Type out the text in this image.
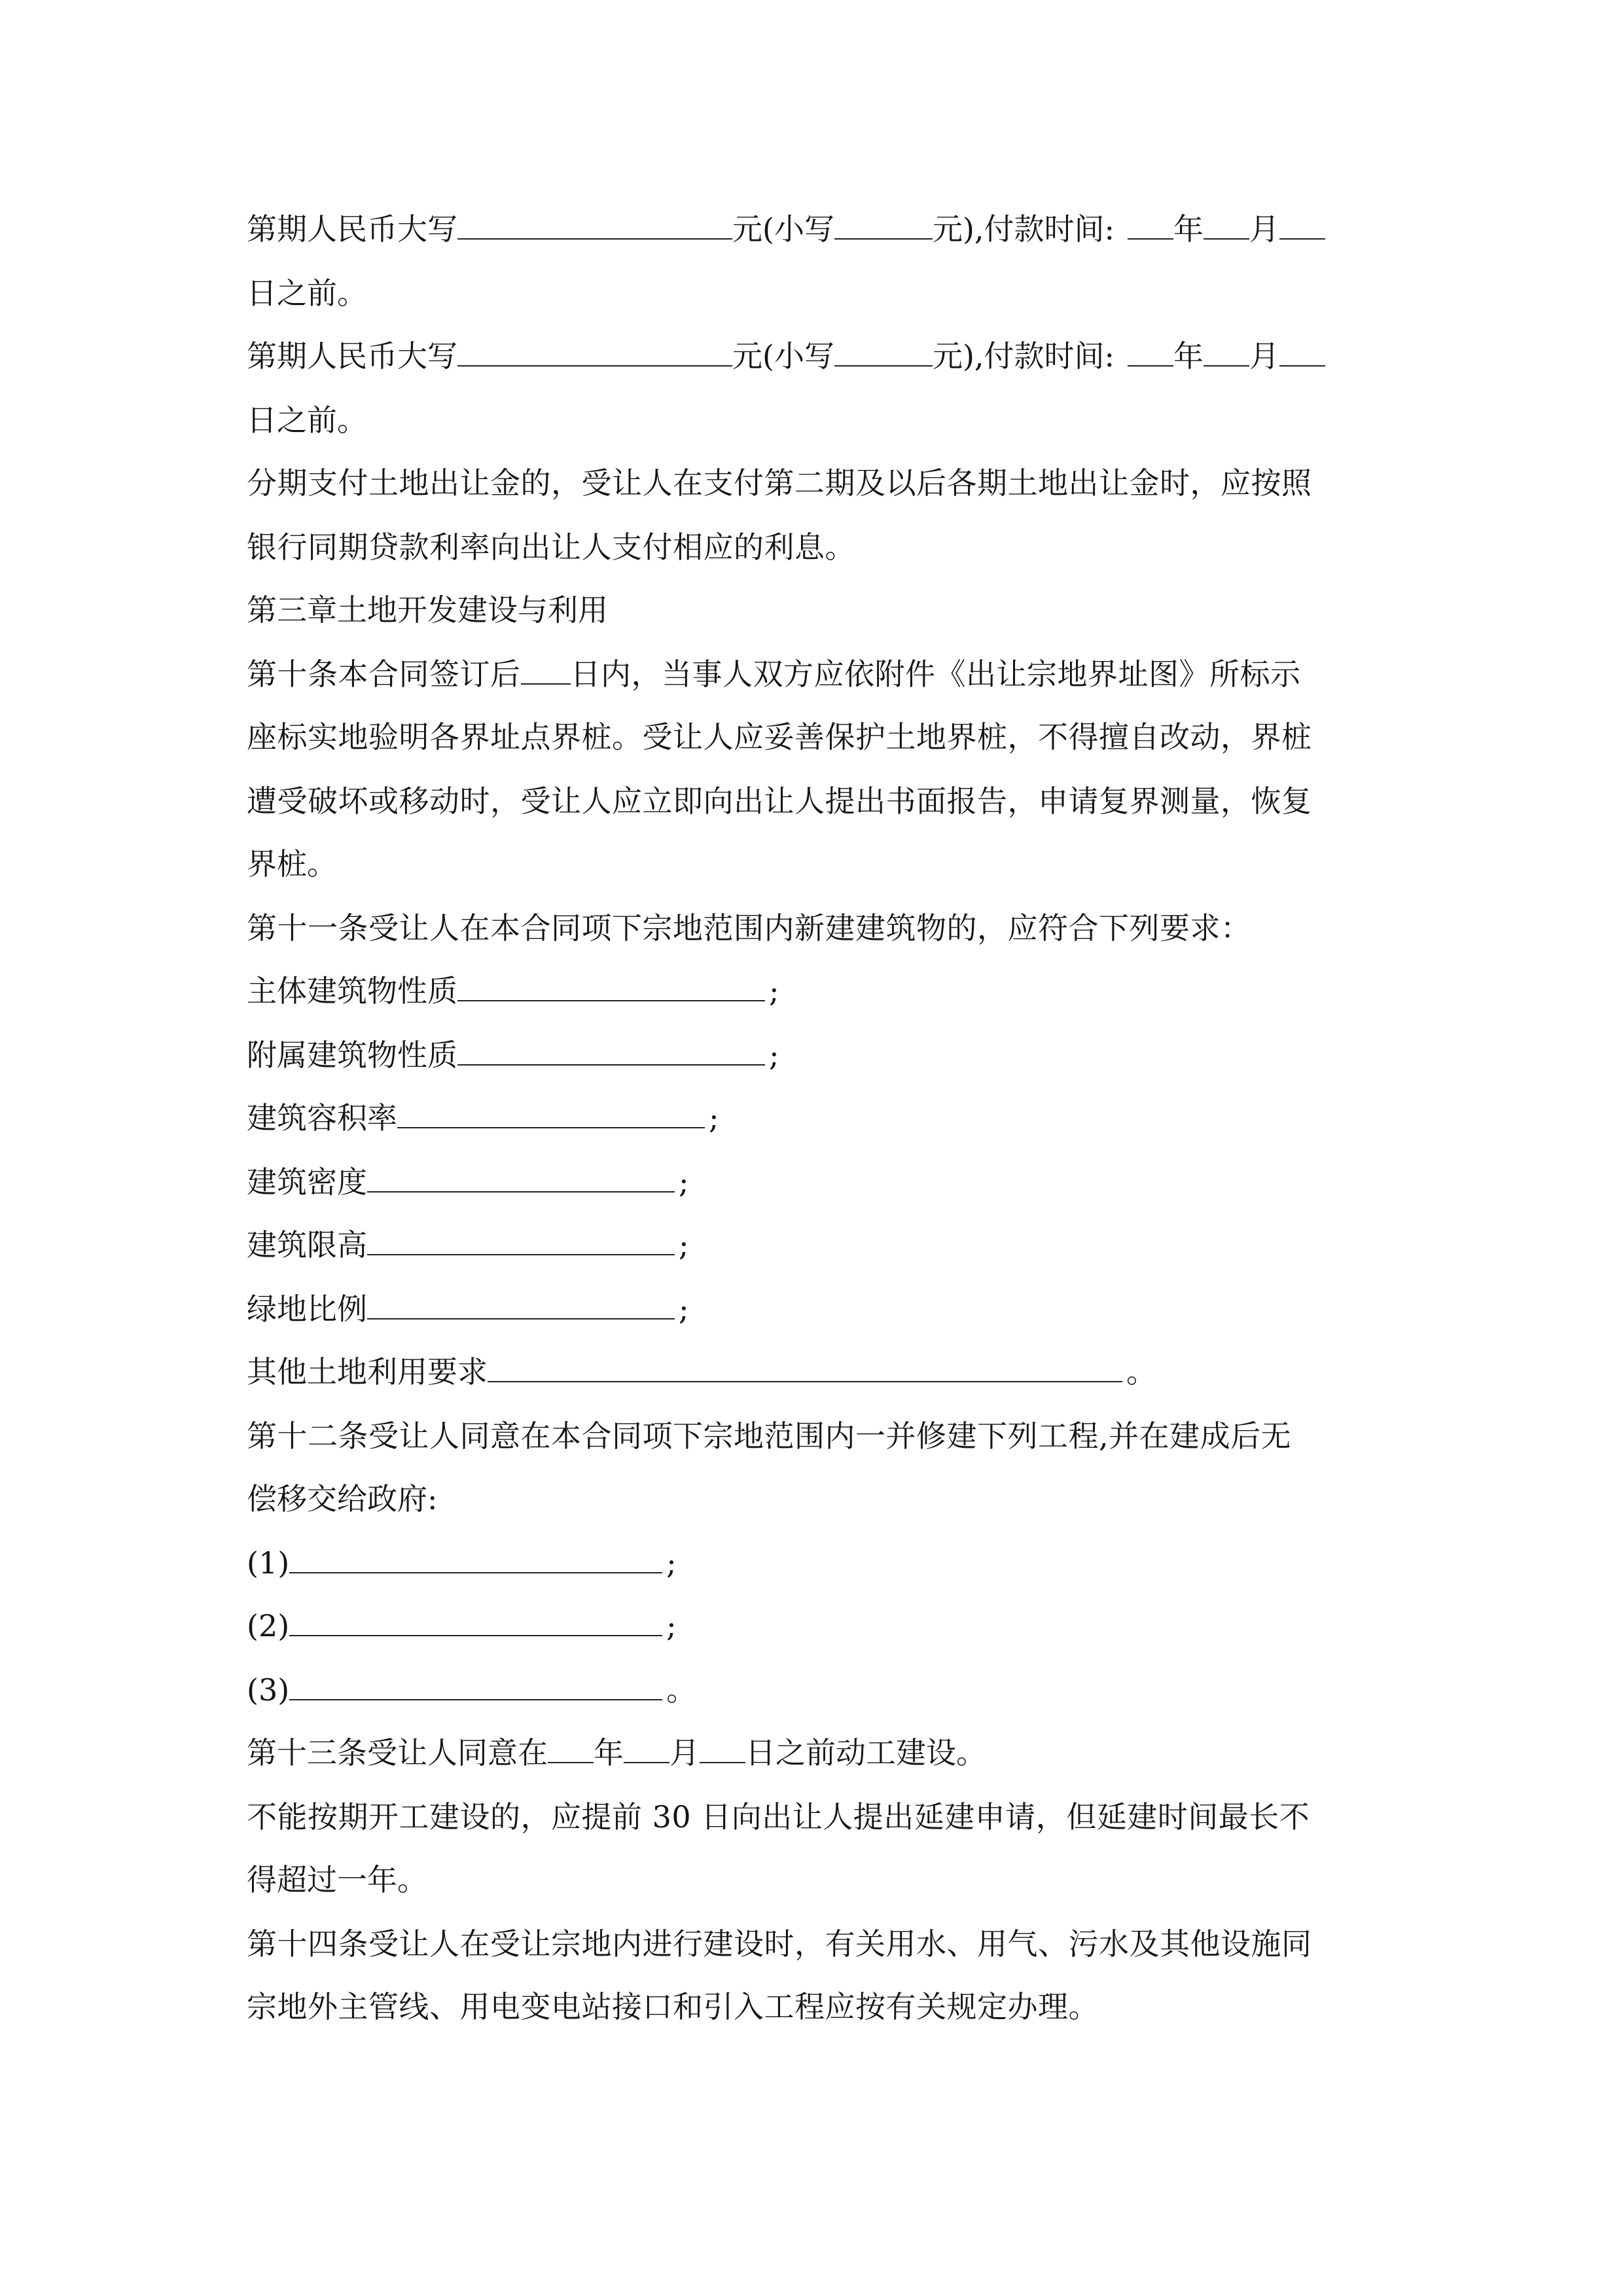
第期人民币大写	元(小写	元),付款时间: 年 月
日之前。
第期人民币大写	元(小写	元),付款时间: 年 月
日之前。
分期支付土地出让金的，受让人在支付第二期及以后各期土地出让金时，应按照
银行同期贷款利率向出让人支付相应的利息。
第三章土地开发建设与利用
第十条本合同签订后 日内，当事人双方应依附件《出让宗地界址图》所标示
座标实地验明各界址点界桩。受让人应妥善保护土地界桩，不得擅自改动，界桩
遭受破坏或移动时，受让人应立即向出让人提出书面报告，申请复界测量，恢复
界桩。
第十一条受让人在本合同项下宗地范围内新建建筑物的，应符合下列要求：
主体建筑物性质	;
附属建筑物性质	;
建筑容积率	;
建筑密度	;
建筑限高	;
绿地比例	;
其他土地利用要求	。
第十二条受让人同意在本合同项下宗地范围内一并修建下列工程,并在建成后无
偿移交给政府:
(1)	;
(2)	;
(3)	。
第十三条受让人同意在 年 月 日之前动工建设。
不能按期开工建设的，应提前 30 日向出让人提出延建申请，但延建时间最长不
得超过一年。
第十四条受让人在受让宗地内进行建设时，有关用水、用气、污水及其他设施同
宗地外主管线、用电变电站接口和引入工程应按有关规定办理。
